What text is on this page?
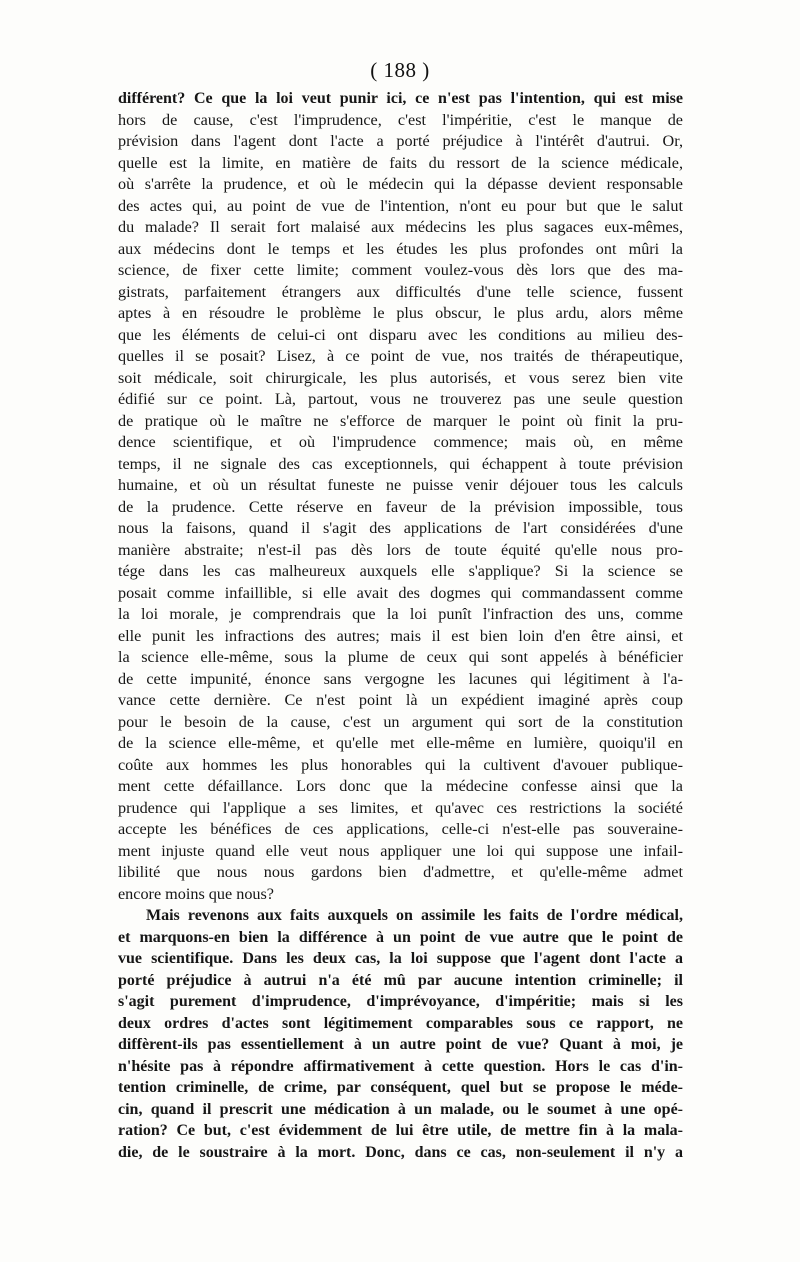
( 188 )
différent? Ce que la loi veut punir ici, ce n'est pas l'intention, qui est mise
hors de cause, c'est l'imprudence, c'est l'impéritie, c'est le manque de
prévision dans l'agent dont l'acte a porté préjudice à l'intérêt d'autrui. Or,
quelle est la limite, en matière de faits du ressort de la science médicale,
où s'arrête la prudence, et où le médecin qui la dépasse devient responsable
des actes qui, au point de vue de l'intention, n'ont eu pour but que le salut
du malade? Il serait fort malaisé aux médecins les plus sagaces eux-mêmes,
aux médecins dont le temps et les études les plus profondes ont mûri la
science, de fixer cette limite; comment voulez-vous dès lors que des ma-
gistrats, parfaitement étrangers aux difficultés d'une telle science, fussent
aptes à en résoudre le problème le plus obscur, le plus ardu, alors même
que les éléments de celui-ci ont disparu avec les conditions au milieu des-
quelles il se posait? Lisez, à ce point de vue, nos traités de thérapeutique,
soit médicale, soit chirurgicale, les plus autorisés, et vous serez bien vite
édifié sur ce point. Là, partout, vous ne trouverez pas une seule question
de pratique où le maître ne s'efforce de marquer le point où finit la pru-
dence scientifique, et où l'imprudence commence; mais où, en même
temps, il ne signale des cas exceptionnels, qui échappent à toute prévision
humaine, et où un résultat funeste ne puisse venir déjouer tous les calculs
de la prudence. Cette réserve en faveur de la prévision impossible, tous
nous la faisons, quand il s'agit des applications de l'art considérées d'une
manière abstraite; n'est-il pas dès lors de toute équité qu'elle nous pro-
tége dans les cas malheureux auxquels elle s'applique? Si la science se
posait comme infaillible, si elle avait des dogmes qui commandassent comme
la loi morale, je comprendrais que la loi punît l'infraction des uns, comme
elle punit les infractions des autres; mais il est bien loin d'en être ainsi, et
la science elle-même, sous la plume de ceux qui sont appelés à bénéficier
de cette impunité, énonce sans vergogne les lacunes qui légitiment à l'a-
vance cette dernière. Ce n'est point là un expédient imaginé après coup
pour le besoin de la cause, c'est un argument qui sort de la constitution
de la science elle-même, et qu'elle met elle-même en lumière, quoiqu'il en
coûte aux hommes les plus honorables qui la cultivent d'avouer publique-
ment cette défaillance. Lors donc que la médecine confesse ainsi que la
prudence qui l'applique a ses limites, et qu'avec ces restrictions la société
accepte les bénéfices de ces applications, celle-ci n'est-elle pas souveraine-
ment injuste quand elle veut nous appliquer une loi qui suppose une infail-
libilité que nous nous gardons bien d'admettre, et qu'elle-même admet
encore moins que nous?
Mais revenons aux faits auxquels on assimile les faits de l'ordre médical,
et marquons-en bien la différence à un point de vue autre que le point de
vue scientifique. Dans les deux cas, la loi suppose que l'agent dont l'acte a
porté préjudice à autrui n'a été mû par aucune intention criminelle; il
s'agit purement d'imprudence, d'imprévoyance, d'impéritie; mais si les
deux ordres d'actes sont légitimement comparables sous ce rapport, ne
diffèrent-ils pas essentiellement à un autre point de vue? Quant à moi, je
n'hésite pas à répondre affirmativement à cette question. Hors le cas d'in-
tention criminelle, de crime, par conséquent, quel but se propose le méde-
cin, quand il prescrit une médication à un malade, ou le soumet à une opé-
ration? Ce but, c'est évidemment de lui être utile, de mettre fin à la mala-
die, de le soustraire à la mort. Donc, dans ce cas, non-seulement il n'y a
